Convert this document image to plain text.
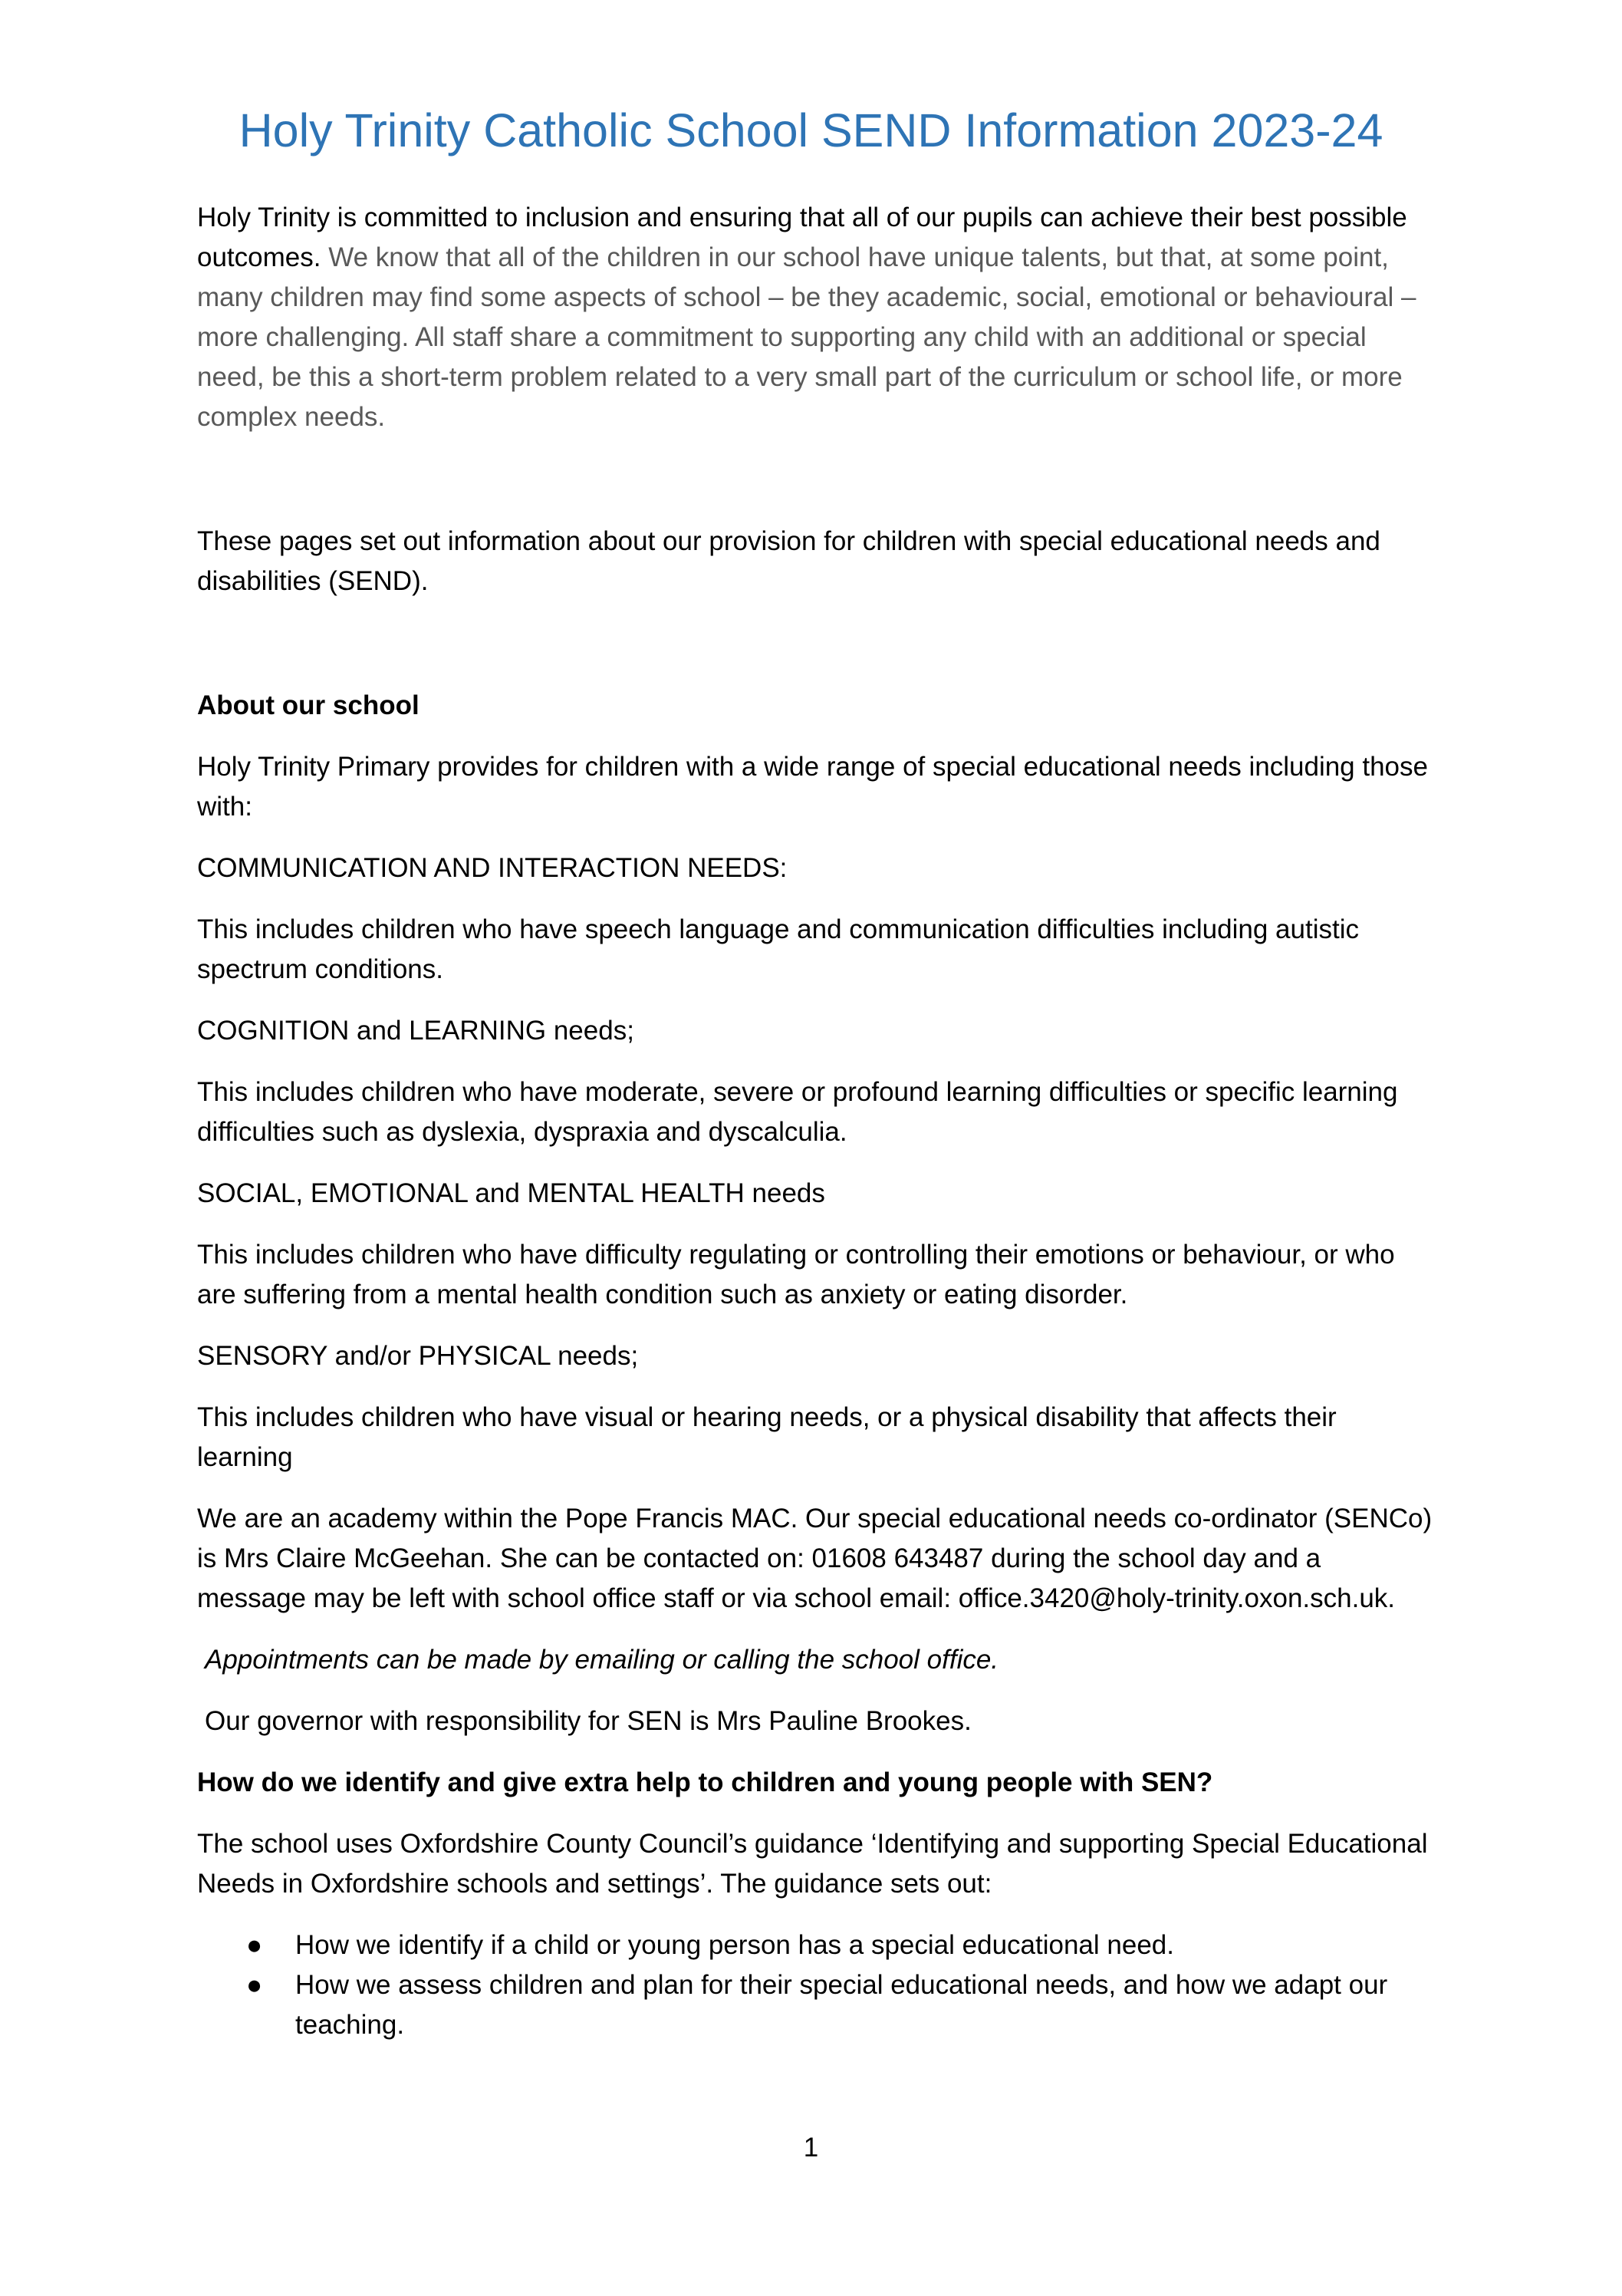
Holy Trinity Catholic School SEND Information 2023-24

Holy Trinity is committed to inclusion and ensuring that all of our pupils can achieve their best possible outcomes. We know that all of the children in our school have unique talents, but that, at some point, many children may find some aspects of school – be they academic, social, emotional or behavioural – more challenging. All staff share a commitment to supporting any child with an additional or special need, be this a short-term problem related to a very small part of the curriculum or school life, or more complex needs.

These pages set out information about our provision for children with special educational needs and disabilities (SEND).

About our school

Holy Trinity Primary provides for children with a wide range of special educational needs including those with:

COMMUNICATION AND INTERACTION NEEDS:

This includes children who have speech language and communication difficulties including autistic spectrum conditions.

COGNITION and LEARNING needs;

This includes children who have moderate, severe or profound learning difficulties or specific learning difficulties such as dyslexia, dyspraxia and dyscalculia.

SOCIAL, EMOTIONAL and MENTAL HEALTH needs

This includes children who have difficulty regulating or controlling their emotions or behaviour, or who are suffering from a mental health condition such as anxiety or eating disorder.

SENSORY and/or PHYSICAL needs;

This includes children who have visual or hearing needs, or a physical disability that affects their learning

We are an academy within the Pope Francis MAC. Our special educational needs co-ordinator (SENCo) is Mrs Claire McGeehan. She can be contacted on: 01608 643487 during the school day and a message may be left with school office staff or via school email: office.3420@holy-trinity.oxon.sch.uk.

Appointments can be made by emailing or calling the school office.

Our governor with responsibility for SEN is Mrs Pauline Brookes.

How do we identify and give extra help to children and young people with SEN?

The school uses Oxfordshire County Council’s guidance ‘Identifying and supporting Special Educational Needs in Oxfordshire schools and settings’. The guidance sets out:

● How we identify if a child or young person has a special educational need.
● How we assess children and plan for their special educational needs, and how we adapt our teaching.
1
